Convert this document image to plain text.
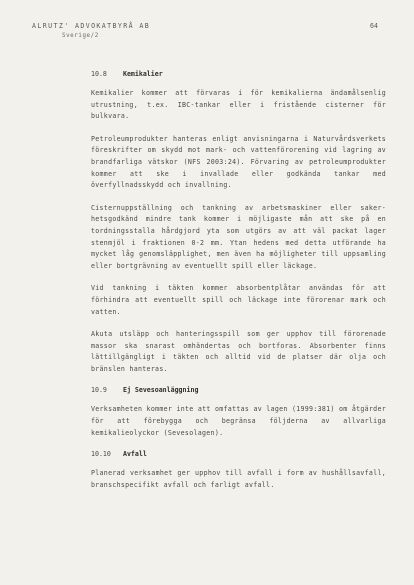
ALRUTZ' ADVOKATBYRÅ AB
Sverige/2
64
10.8 Kemikalier

Kemikalier kommer att förvaras i för kemikalierna ändamålsenlig utrustning, t.ex. IBC-tankar eller i fristående cisterner för bulkvara.

Petroleumprodukter hanteras enligt anvisningarna i Naturvårdsverkets föreskrifter om skydd mot mark- och vattenförorening vid lagring av brandfarliga vätskor (NFS 2003:24). Förvaring av petroleumprodukter kommer att ske i invallade eller godkända tankar med överfyllnadsskydd och invallning.

Cisternuppställning och tankning av arbetsmaskiner eller saker-hetsgodkänd mindre tank kommer i möjligaste mån att ske på en tordningsstalla hårdgjord yta som utgörs av att väl packat lager stenmjöl i fraktionen 0-2 mm. Ytan hedens med detta utförande ha mycket låg genomsläpplighet, men även ha möjligheter till uppsamling eller bortgrävning av eventuellt spill eller läckage.

Vid tankning i täkten kommer absorbentplåtar användas för att förhindra att eventuellt spill och läckage inte förorenar mark och vatten.

Akuta utsläpp och hanteringsspill som ger upphov till förorenade massor ska snarast omhändertas och bortforas. Absorbenter finns lättillgängligt i täkten och alltid vid de platser där olja och bränslen hanteras.

10.9 Ej Sevesoanläggning

Verksamheten kommer inte att omfattas av lagen (1999:381) om åtgärder för att förebygga och begränsa följderna av allvarliga kemikalieolyckor (Sevesolagen).

10.10 Avfall

Planerad verksamhet ger upphov till avfall i form av hushållsavfall, branschspecifikt avfall och farligt avfall.
